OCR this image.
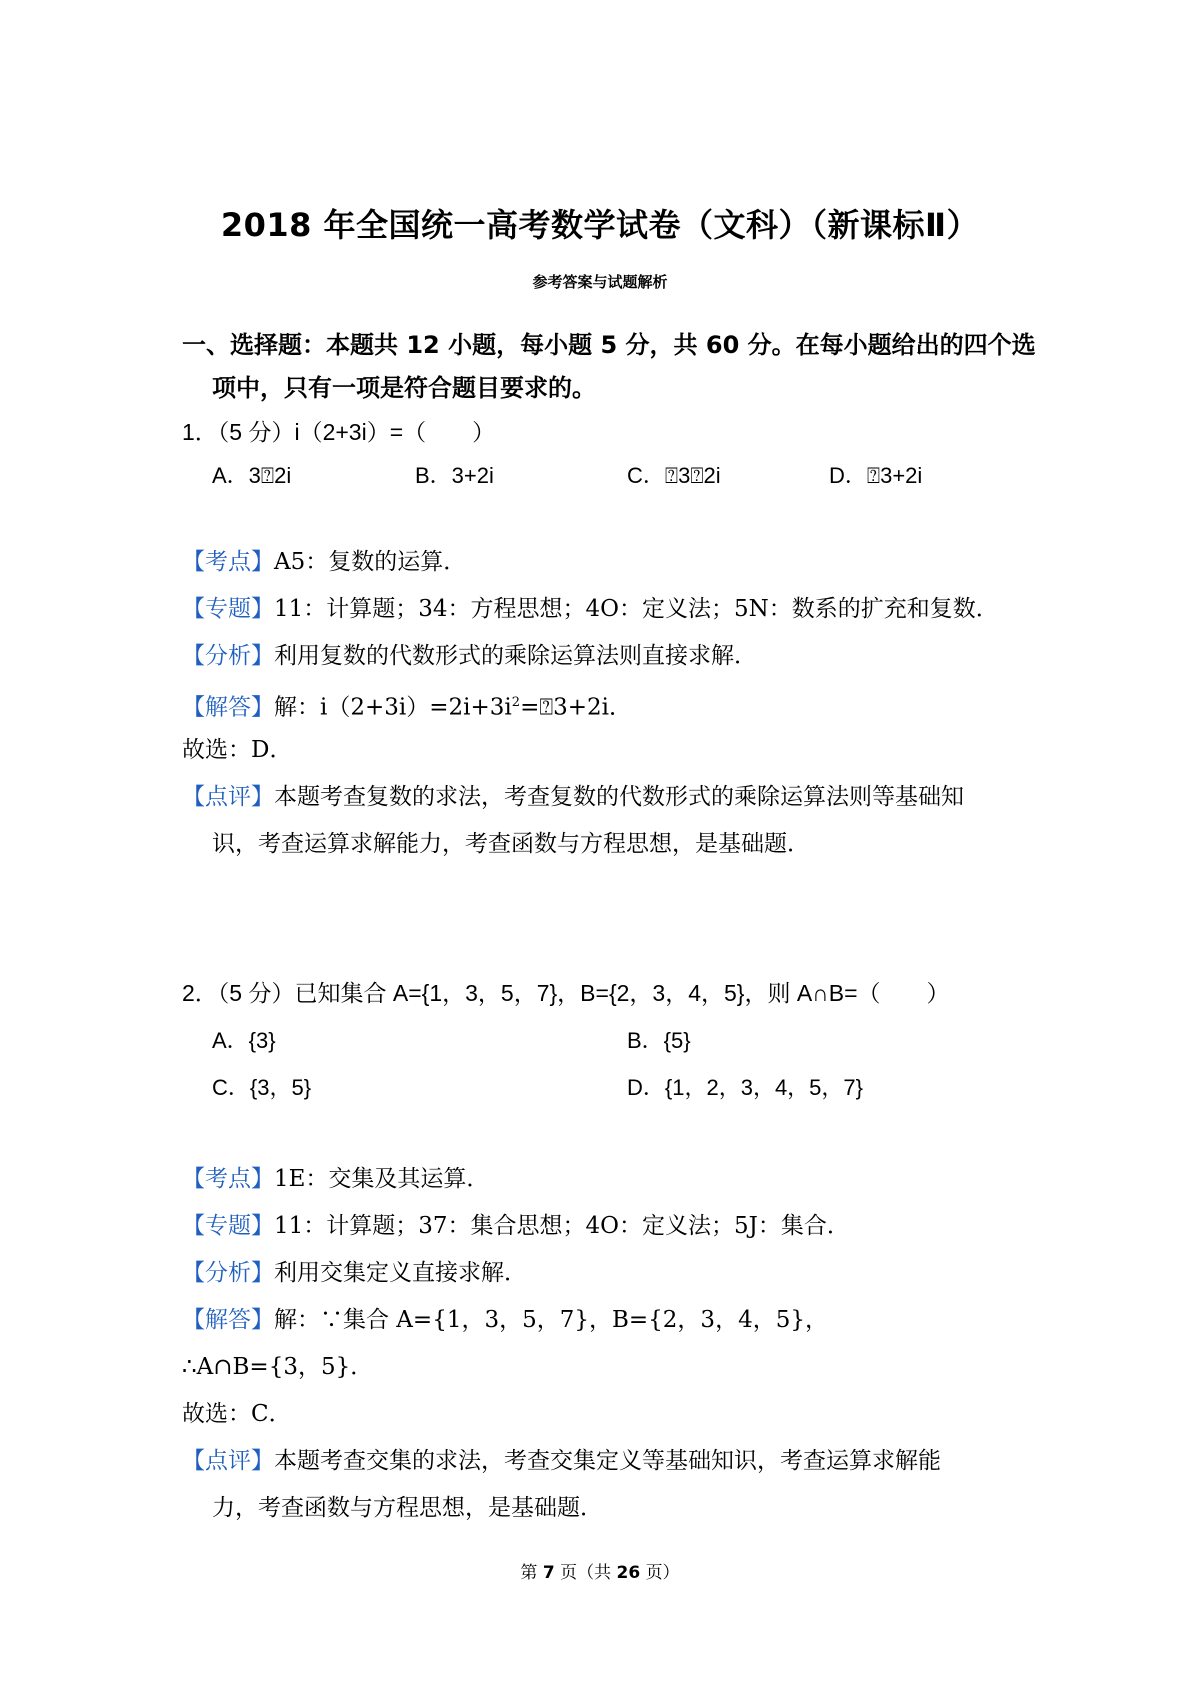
2018 年全国统一高考数学试卷（文科）（新课标Ⅱ）
参考答案与试题解析
一、选择题：本题共 12 小题，每小题 5 分，共 60 分。在每小题给出的四个选
项中，只有一项是符合题目要求的。
1．（5 分）i（2+3i）=（　　）
A．3⍰2i	B．3+2i	C．⍰3⍰2i	D．⍰3+2i
【考点】A5：复数的运算．
【专题】11：计算题；34：方程思想；4O：定义法；5N：数系的扩充和复数．
【分析】利用复数的代数形式的乘除运算法则直接求解．
【解答】解：$i(2+3i)=2i+3i^2=⍰3+2i$．
故选：D．
【点评】本题考查复数的求法，考查复数的代数形式的乘除运算法则等基础知
识，考查运算求解能力，考查函数与方程思想，是基础题．
2．（5 分）已知集合 A={1，3，5，7}，B={2，3，4，5}，则 A∩B=（　　）
A．{3}	B．{5}
C．{3，5}	D．{1，2，3，4，5，7}
【考点】1E：交集及其运算．
【专题】11：计算题；37：集合思想；4O：定义法；5J：集合．
【分析】利用交集定义直接求解．
【解答】解：∵集合 A={1，3，5，7}，B={2，3，4，5}，
∴A∩B={3，5}．
故选：C．
【点评】本题考查交集的求法，考查交集定义等基础知识，考查运算求解能
力，考查函数与方程思想，是基础题．
第 7 页（共 26 页）
